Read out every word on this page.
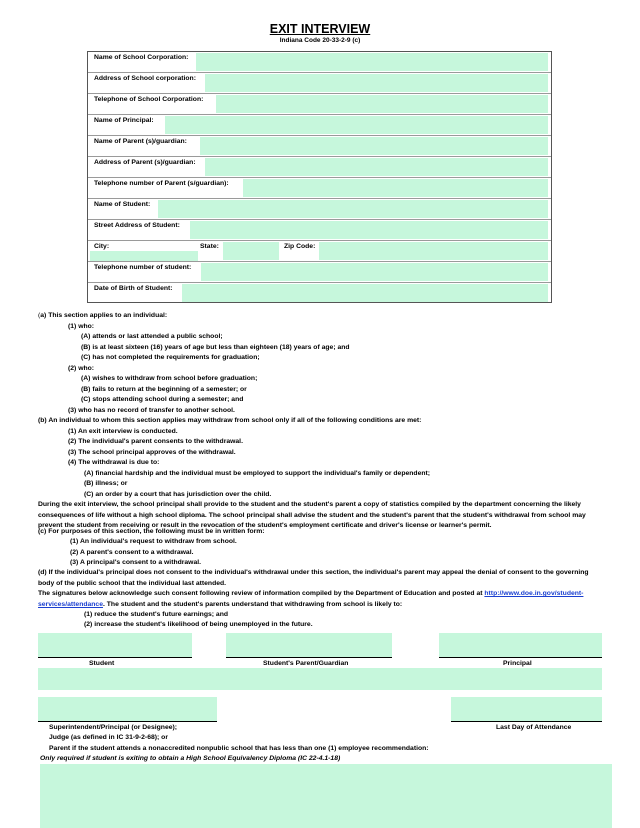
EXIT INTERVIEW
Indiana Code 20-33-2-9 (c)
Name of School Corporation:
Address of School corporation:
Telephone of School Corporation:
Name of Principal:
Name of Parent (s)/guardian:
Address of Parent (s)/guardian:
Telephone number of Parent (s/guardian):
Name of Student:
Street Address of Student:
City:	State:	Zip Code:
Telephone number of student:
Date of Birth of Student:
(a) This section applies to an individual:
(1) who:
(A) attends or last attended a public school;
(B) is at least sixteen (16) years of age but less than eighteen (18) years of age; and
(C) has not completed the requirements for graduation;
(2) who:
(A) wishes to withdraw from school before graduation;
(B) fails to return at the beginning of a semester; or
(C) stops attending school during a semester; and
(3) who has no record of transfer to another school.
(b) An individual to whom this section applies may withdraw from school only if all of the following conditions are met:
(1) An exit interview is conducted.
(2) The individual's parent consents to the withdrawal.
(3) The school principal approves of the withdrawal.
(4) The withdrawal is due to:
(A) financial hardship and the individual must be employed to support the individual's family or dependent;
(B) illness; or
(C) an order by a court that has jurisdiction over the child.
During the exit interview, the school principal shall provide to the student and the student's parent a copy of statistics compiled by the department concerning the likely consequences of life without a high school diploma. The school principal shall advise the student and the student's parent that the student's withdrawal from school may prevent the student from receiving or result in the revocation of the student's employment certificate and driver's license or learner's permit.
(c) For purposes of this section, the following must be in written form:
(1) An individual's request to withdraw from school.
(2) A parent's consent to a withdrawal.
(3) A principal's consent to a withdrawal.
(d) If the individual's principal does not consent to the individual's withdrawal under this section, the individual's parent may appeal the denial of consent to the governing body of the public school that the individual last attended.
The signatures below acknowledge such consent following review of information compiled by the Department of Education and posted at http://www.doe.in.gov/student-services/attendance. The student and the student's parents understand that withdrawing from school is likely to:
(1) reduce the student's future earnings; and
(2) increase the student's likelihood of being unemployed in the future.
Student	Student's Parent/Guardian	Principal
Superintendent/Principal (or Designee);	Last Day of Attendance
Judge (as defined in IC 31-9-2-68); or
Parent if the student attends a nonaccredited nonpublic school that has less than one (1) employee recommendation:
Only required if student is exiting to obtain a High School Equivalency Diploma (IC 22-4.1-18)
